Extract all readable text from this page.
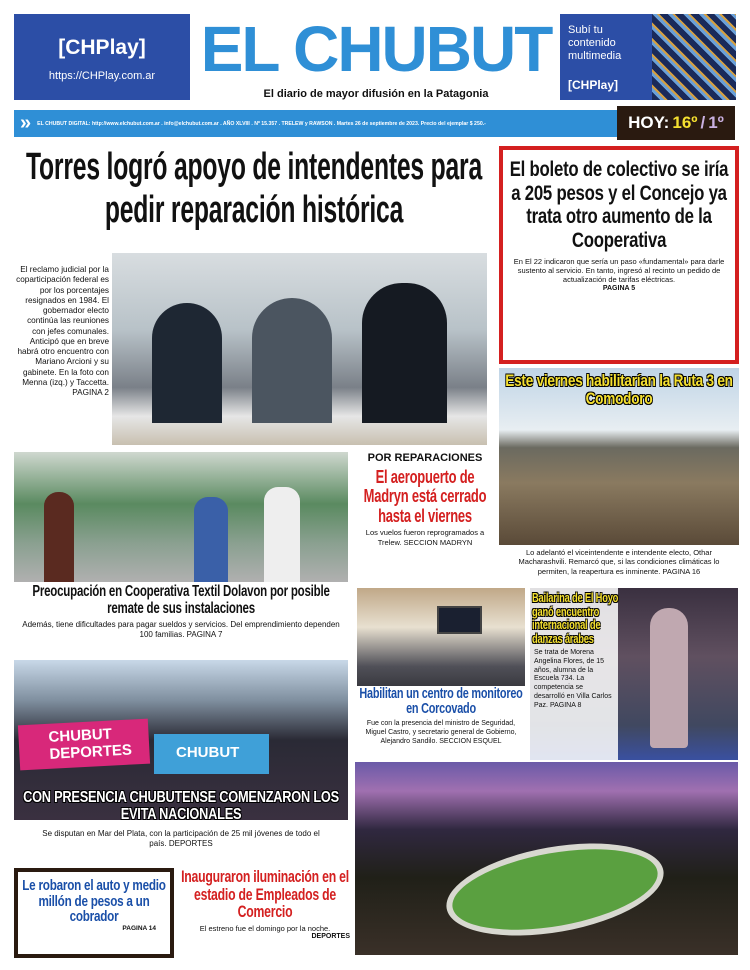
[CHPlay]
https://CHPlay.com.ar EL CHUBUT
El diario de mayor difusión en la Patagonia
Subí tu contenido multimedia
[CHPlay]
» EL CHUBUT DIGITAL: http://www.elchubut.com.ar . info@elchubut.com.ar . AÑO XLVIII . Nº 15.357 . TRELEW y RAWSON . Martes 26 de septiembre de 2023. Precio del ejemplar $ 250.-	HOY: 16º / 1º
Torres logró apoyo de intendentes para pedir reparación histórica
El reclamo judicial por la coparticipación federal es por los porcentajes resignados en 1984. El gobernador electo continúa las reuniones con jefes comunales. Anticipó que en breve habrá otro encuentro con Mariano Arcioni y su gabinete. En la foto con Menna (izq.) y Taccetta. PAGINA 2
El boleto de colectivo se iría a 205 pesos y el Concejo ya trata otro aumento de la Cooperativa
En El 22 indicaron que sería un paso «fundamental» para darle sustento al servicio. En tanto, ingresó al recinto un pedido de actualización de tarifas eléctricas.
PAGINA 5
Este viernes habilitarían la Ruta 3 en Comodoro
Lo adelantó el viceintendente e intendente electo, Othar Macharashvili. Remarcó que, si las condiciones climáticas lo permiten, la reapertura es inminente. PAGINA 16
Preocupación en Cooperativa Textil Dolavon por posible remate de sus instalaciones
Además, tiene dificultades para pagar sueldos y servicios. Del emprendimiento dependen 100 familias. PAGINA 7
POR REPARACIONES
El aeropuerto de Madryn está cerrado hasta el viernes
Los vuelos fueron reprogramados a Trelew. SECCION MADRYN
CHUBUT DEPORTES	CHUBUT
CON PRESENCIA CHUBUTENSE COMENZARON LOS EVITA NACIONALES
Se disputan en Mar del Plata, con la participación de 25 mil jóvenes de todo el país. DEPORTES
Habilitan un centro de monitoreo en Corcovado
Fue con la presencia del ministro de Seguridad, Miguel Castro, y secretario general de Gobierno, Alejandro Sandilo. SECCION ESQUEL
Bailarina de El Hoyo ganó encuentro internacional de danzas árabes
Se trata de Morena Angelina Flores, de 15 años, alumna de la Escuela 734. La competencia se desarrolló en Villa Carlos Paz. PAGINA 8
Le robaron el auto y medio millón de pesos a un cobrador
PAGINA 14
Inauguraron iluminación en el estadio de Empleados de Comercio
El estreno fue el domingo por la noche.
DEPORTES
